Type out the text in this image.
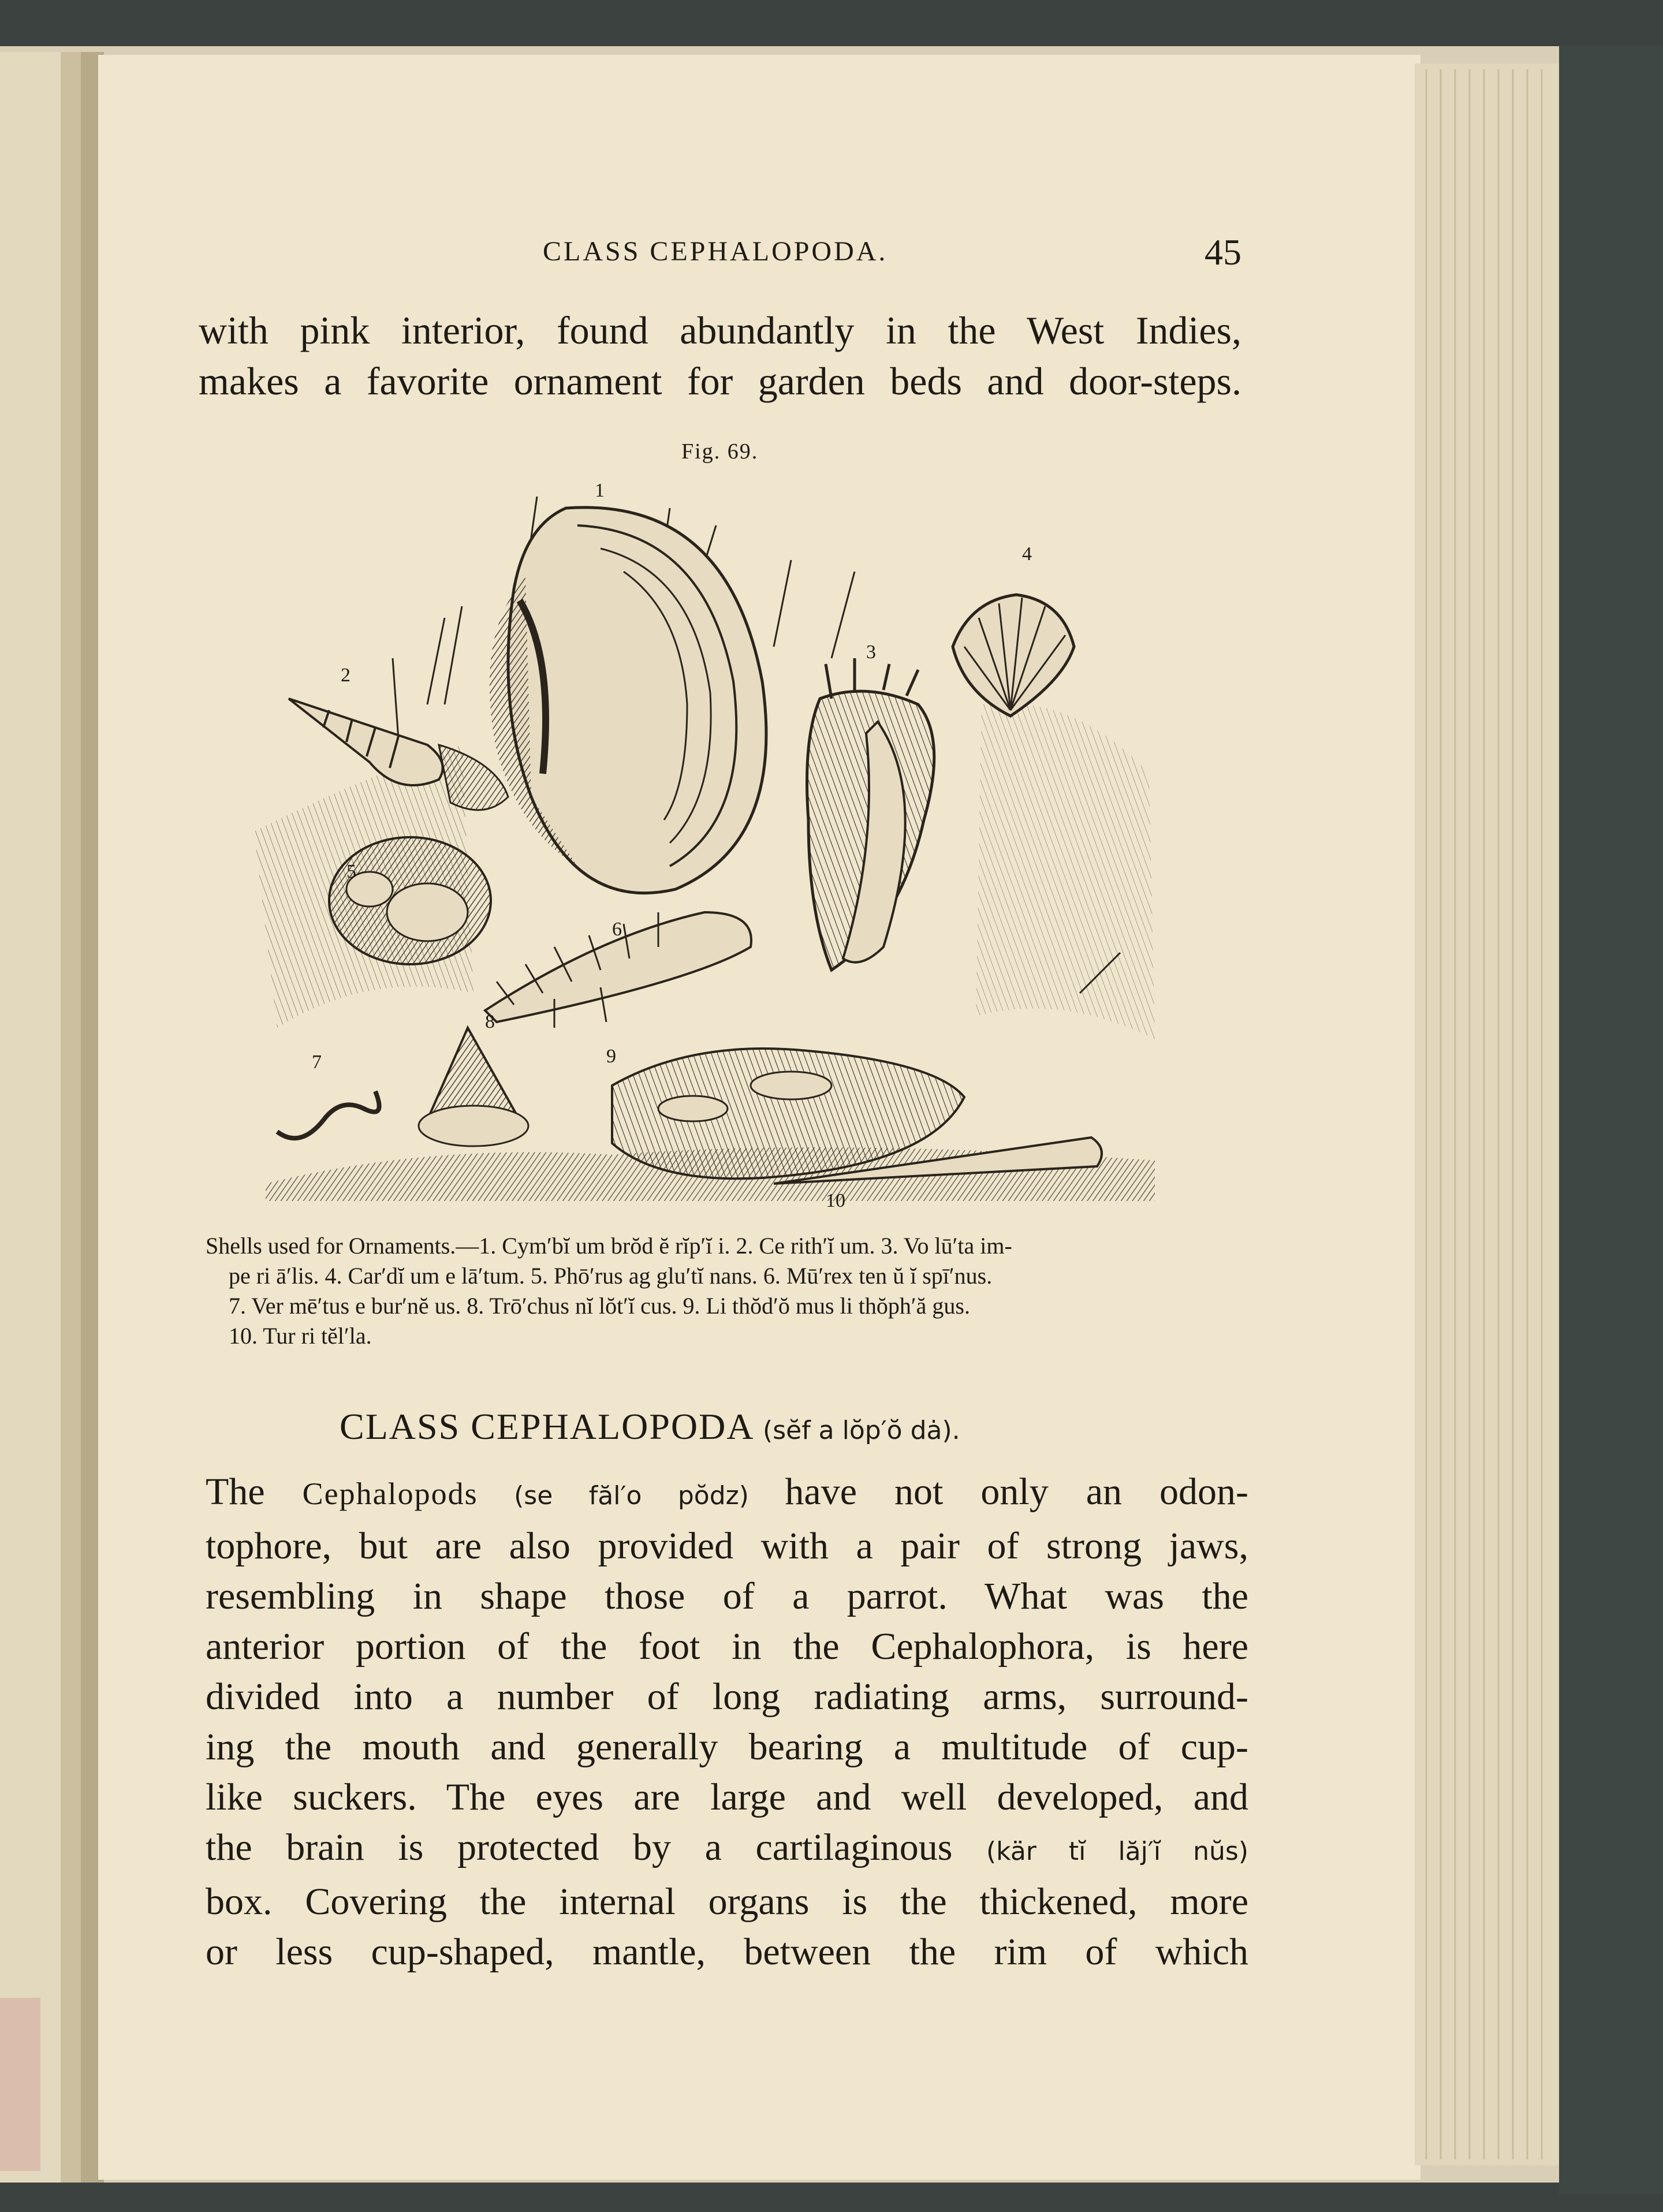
CLASS CEPHALOPODA.	45
with pink interior, found abundantly in the West Indies,
makes a favorite ornament for garden beds and door-steps.
Fig. 69.
1
2
3
4
5
6
7
8
9
10
Shells used for Ornaments.—1. Cym′bĭ um brŏd ĕ rĭp′ĭ i. 2. Ce rith′ĭ um. 3. Vo lū′ta im-
pe ri ā′lis. 4. Car′dĭ um e lā′tum. 5. Phō′rus ag glu′tĭ nans. 6. Mū′rex ten ŭ ĭ spī′nus.
7. Ver mē′tus e bur′nĕ us. 8. Trō′chus nĭ lŏt′ĭ cus. 9. Li thŏd′ŏ mus li thŏph′ă gus.
10. Tur ri tĕl′la.
CLASS CEPHALOPODA (sĕf a lŏp′ŏ dȧ).
The Cephalopods (se făl′o pŏdz) have not only an odon-
tophore, but are also provided with a pair of strong jaws,
resembling in shape those of a parrot. What was the
anterior portion of the foot in the Cephalophora, is here
divided into a number of long radiating arms, surround-
ing the mouth and generally bearing a multitude of cup-
like suckers. The eyes are large and well developed, and
the brain is protected by a cartilaginous (kär tĭ lăj′ĭ nŭs)
box. Covering the internal organs is the thickened, more
or less cup-shaped, mantle, between the rim of which
